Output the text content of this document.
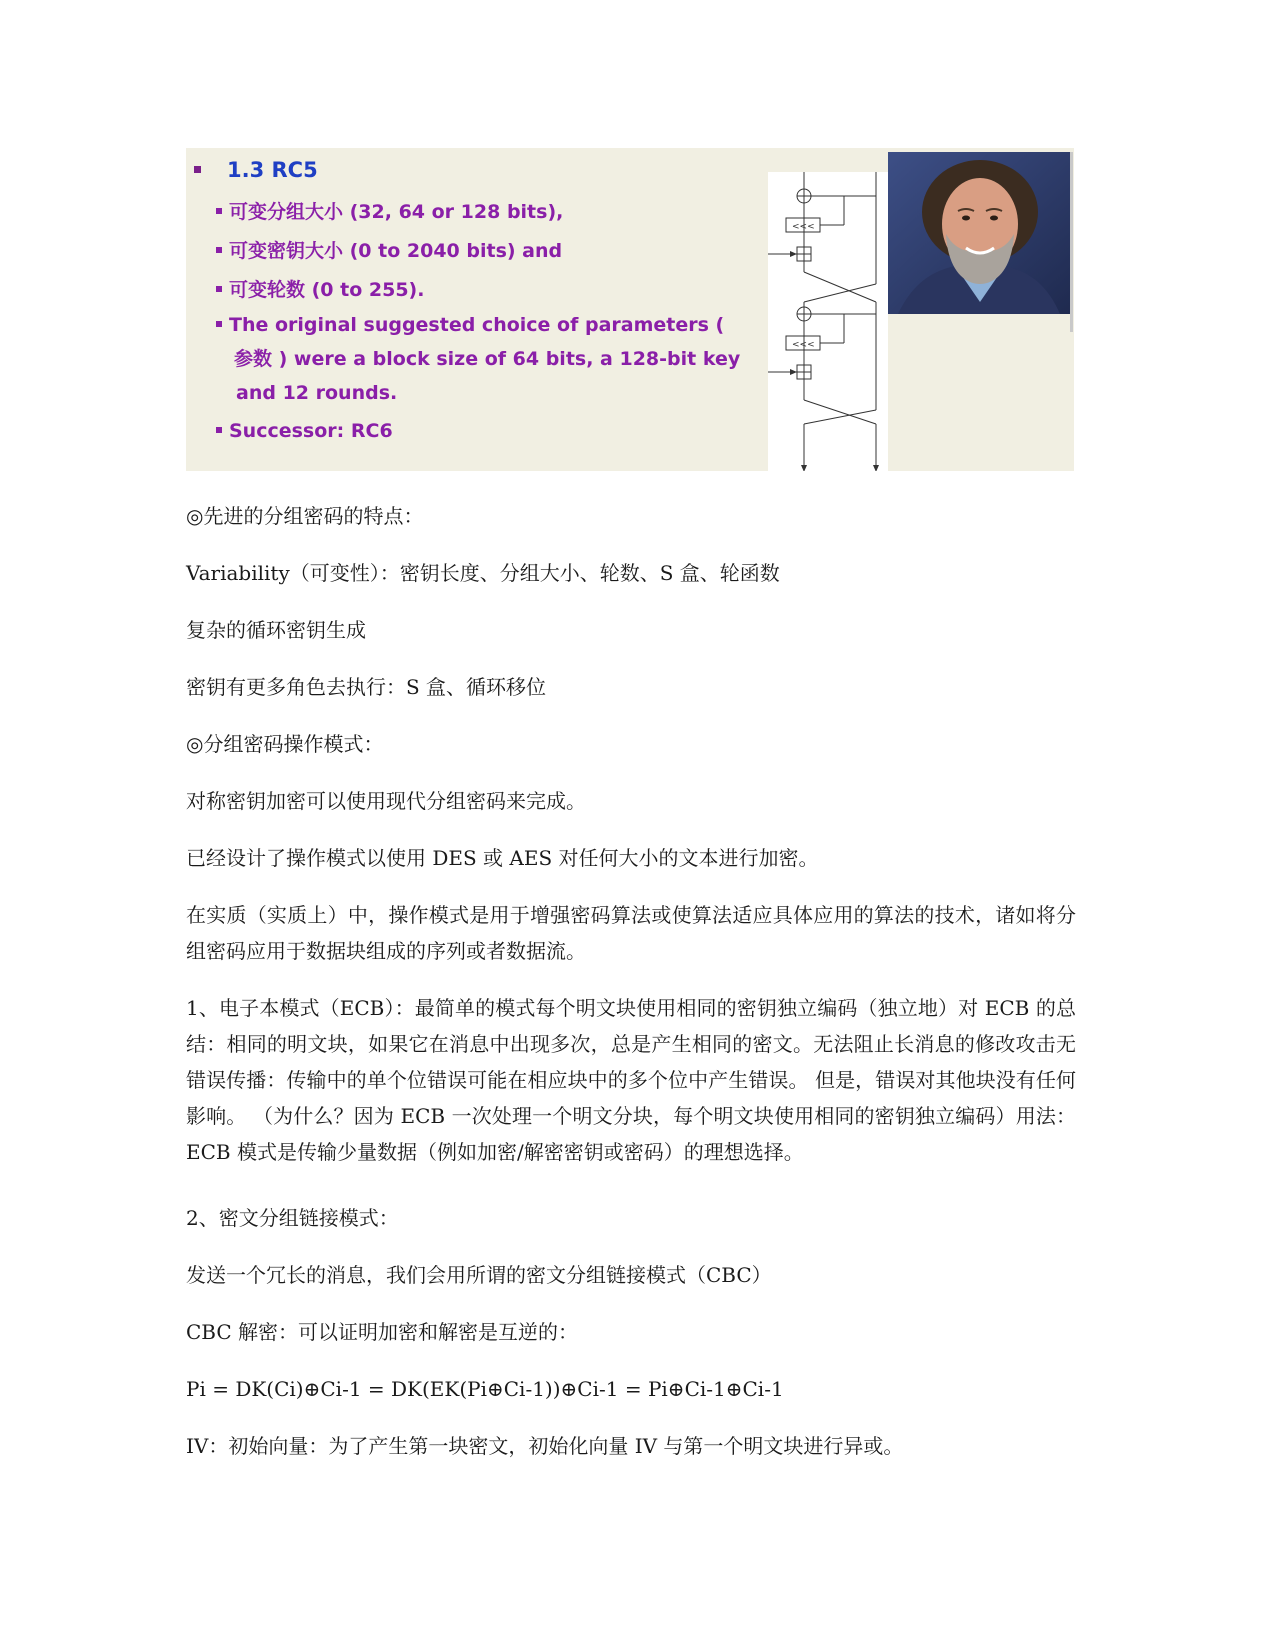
1.3 RC5
可变分组大小 (32, 64 or 128 bits),
可变密钥大小 (0 to 2040 bits) and
可变轮数 (0 to 255).
The original suggested choice of parameters (
参数 ) were a block size of 64 bits, a 128-bit key
and 12 rounds.
Successor: RC6
<<<
<<<
◎先进的分组密码的特点：
Variability（可变性）：密钥长度、分组大小、轮数、S 盒、轮函数
复杂的循环密钥生成
密钥有更多角色去执行：S 盒、循环移位
◎分组密码操作模式：
对称密钥加密可以使用现代分组密码来完成。
已经设计了操作模式以使用 DES 或 AES 对任何大小的文本进行加密。
在实质（实质上）中，操作模式是用于增强密码算法或使算法适应具体应用的算法的技术，诸如将分组密码应用于数据块组成的序列或者数据流。
1、电子本模式（ECB）：最简单的模式每个明文块使用相同的密钥独立编码（独立地）对 ECB 的总结：相同的明文块，如果它在消息中出现多次，总是产生相同的密文。无法阻止长消息的修改攻击无错误传播：传输中的单个位错误可能在相应块中的多个位中产生错误。 但是，错误对其他块没有任何影响。 （为什么？因为 ECB 一次处理一个明文分块，每个明文块使用相同的密钥独立编码）用法：ECB 模式是传输少量数据（例如加密/解密密钥或密码）的理想选择。
2、密文分组链接模式：
发送一个冗长的消息，我们会用所谓的密文分组链接模式（CBC）
CBC 解密：可以证明加密和解密是互逆的：
Pi = DK(Ci)⊕Ci-1 = DK(EK(Pi⊕Ci-1))⊕Ci-1 = Pi⊕Ci-1⊕Ci-1
IV：初始向量：为了产生第一块密文，初始化向量 IV 与第一个明文块进行异或。
